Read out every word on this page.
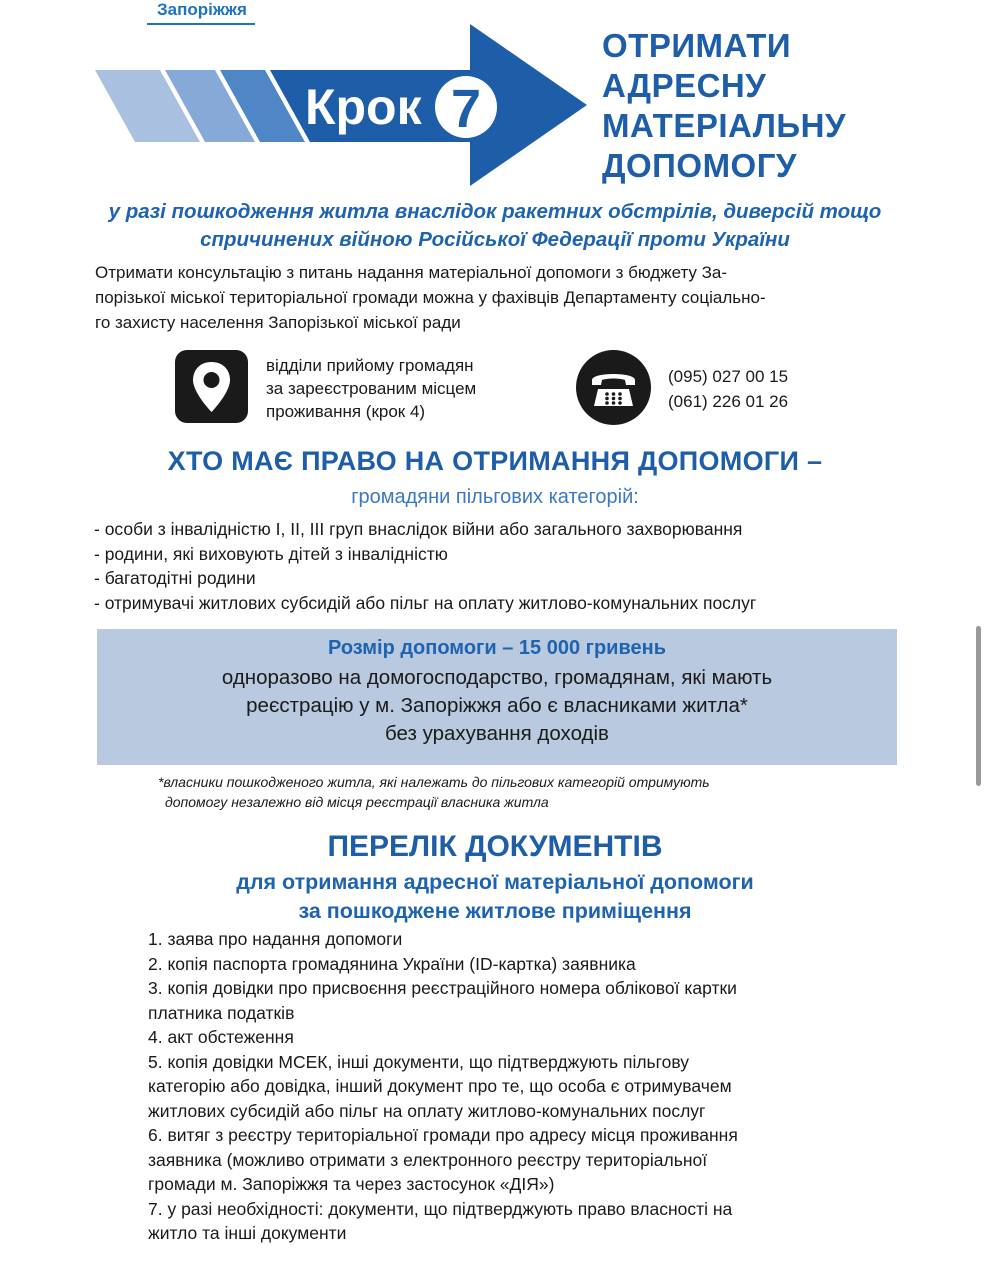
Запоріжжя
Крок 7
ОТРИМАТИ
АДРЕСНУ
МАТЕРІАЛЬНУ
ДОПОМОГУ
у разі пошкодження житла внаслідок ракетних обстрілів, диверсій тощо
спричинених війною Російської Федерації проти України
Отримати консультацію з питань надання матеріальної допомоги з бюджету За-
порізької міської територіальної громади можна у фахівців Департаменту соціально-
го захисту населення Запорізької міської ради
відділи прийому громадян
за зареєстрованим місцем
проживання (крок 4)
(095) 027 00 15
(061) 226 01 26
ХТО МАЄ ПРАВО НА ОТРИМАННЯ ДОПОМОГИ –
громадяни пільгових категорій:
- особи з інвалідністю I, II, III груп внаслідок війни або загального захворювання
- родини, які виховують дітей з інвалідністю
- багатодітні родини
- отримувачі житлових субсидій або пільг на оплату житлово-комунальних послуг
Розмір допомоги – 15 000 гривень
одноразово на домогосподарство, громадянам, які мають
реєстрацію у м. Запоріжжя або є власниками житла*
без урахування доходів
*власники пошкодженого житла, які належать до пільгових категорій отримують
допомогу незалежно від місця реєстрації власника житла
ПЕРЕЛІК ДОКУМЕНТІВ
для отримання адресної матеріальної допомоги
за пошкоджене житлове приміщення
1. заява про надання допомоги
2. копія паспорта громадянина України (ID-картка) заявника
3. копія довідки про присвоєння реєстраційного номера облікової картки
платника податків
4. акт обстеження
5. копія довідки МСЕК, інші документи, що підтверджують пільгову
категорію або довідка, інший документ про те, що особа є отримувачем
житлових субсидій або пільг на оплату житлово-комунальних послуг
6. витяг з реєстру територіальної громади про адресу місця проживання
заявника (можливо отримати з електронного реєстру територіальної
громади м. Запоріжжя та через застосунок «ДІЯ»)
7. у разі необхідності: документи, що підтверджують право власності на
житло та інші документи
